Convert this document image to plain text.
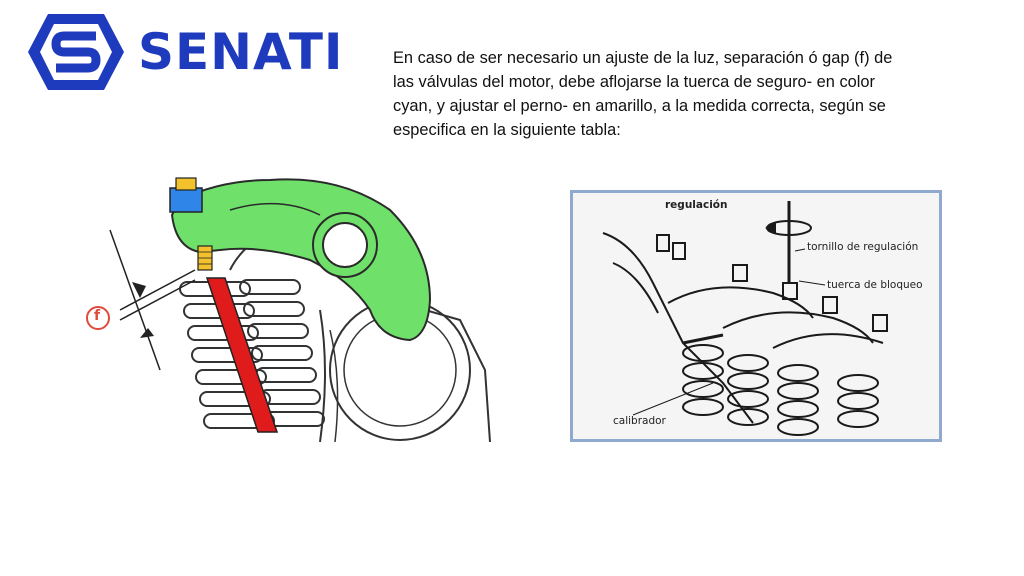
SENATI	En caso de ser necesario un ajuste de la luz, separación ó gap (f) de las válvulas del motor, debe aflojarse la tuerca de seguro- en color cyan, y ajustar el perno- en amarillo, a la medida correcta, según se especifica en la siguiente tabla:

f
regulación
tornillo de regulación
tuerca de bloqueo
calibrador
